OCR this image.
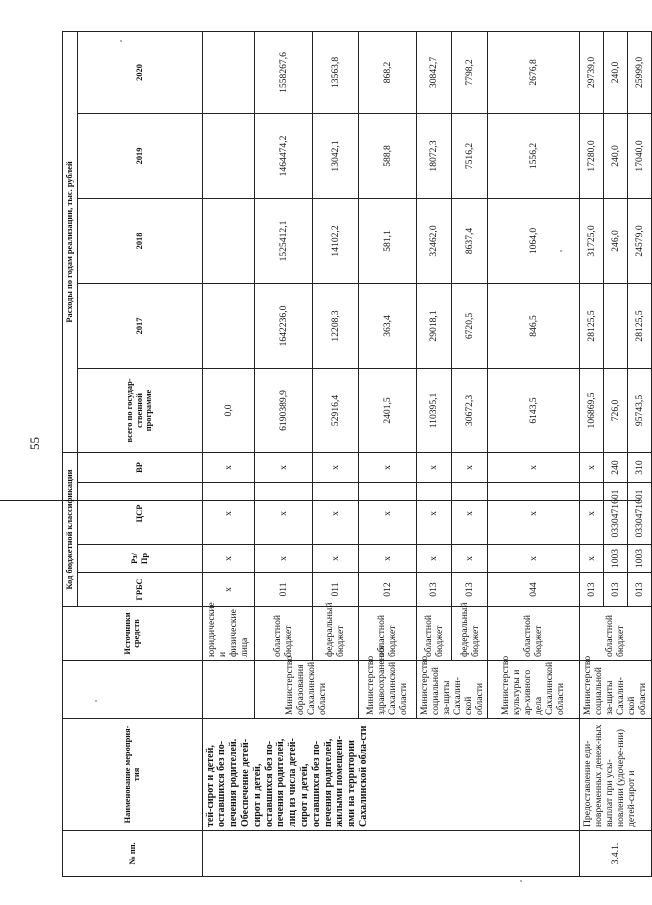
55
№ пп.	Наименование мероприя-тия		Источники средств	Код бюджетной классификации				Расходы по годам реализации, тыс. рублей				
				ГРБС	Рз/Пр	ЦСР	ВР	всего по государ-ственной программе	2017	2018	2019	2020
	тей-сирот и детей, оставшихся без по-печения родителей. Обеспечение детей-сирот и детей, оставшихся без по-печения родителей, лиц из числа детей-сирот и детей, оставшихся без по-печения родителей, жилыми помещени-ями на территории Сахалинской обла-сти		юридические и физические лица	x	x	x	x	0,0				
		Министерство образования Сахалинской области	областной бюджет	011	x	x	x	6190389,9	1642236,0	1525412,1	1464474,2	1558267,6
			федеральный бюджет	011	x	x	x	52916,4	12208,3	14102,2	13042,1	13563,8
		Министерство здравоохранения Сахалинской области	областной бюджет	012	x	x	x	2401,5	363,4	581,1	588,8	868,2
		Министерство социальной за-щиты Сахалин-ской области	областной бюджет	013	x	x	x	110395,1	29018,1	32462,0	18072,3	30842,7
			федеральный бюджет	013	x	x	x	30672,3	6720,5	8637,4	7516,2	7798,2
		Министерство культуры и ар-хивного дела Сахалинской области	областной бюджет	044	x	x	x	6143,5	846,5	1064,0	1556,2	2676,8
3.4.1.	Предоставление еди-новременных денеж-ных выплат при усы-новлении (удочере-нии) детей-сирот и	Министерство социальной за-щиты Сахалин-ской области	областной бюджет	013	x	x	x	106869,5	28125,5	31725,0	17280,0	29739,0
				013	1003	0330471601	240	726,0		246,0	240,0	240,0
				013	1003	0330471601	310	95743,5	28125,5	24579,0	17040,0	25999,0
